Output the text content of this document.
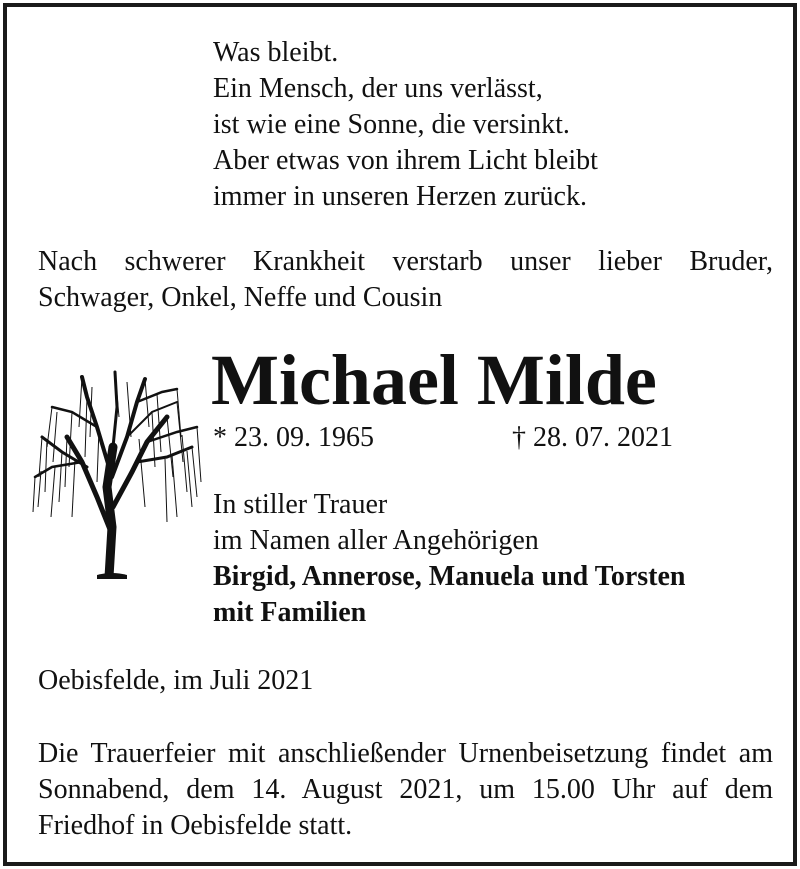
Was bleibt.
Ein Mensch, der uns verlässt,
ist wie eine Sonne, die versinkt.
Aber etwas von ihrem Licht bleibt
immer in unseren Herzen zurück.
Nach schwerer Krankheit verstarb unser lieber Bruder, Schwager, Onkel, Neffe und Cousin
Michael Milde
* 23. 09. 1965	† 28. 07. 2021
In stiller Trauer
im Namen aller Angehörigen
Birgid, Annerose, Manuela und Torsten
mit Familien
Oebisfelde, im Juli 2021
Die Trauerfeier mit anschließender Urnenbeisetzung findet am Sonnabend, dem 14. August 2021, um 15.00 Uhr auf dem Friedhof in Oebisfelde statt.
